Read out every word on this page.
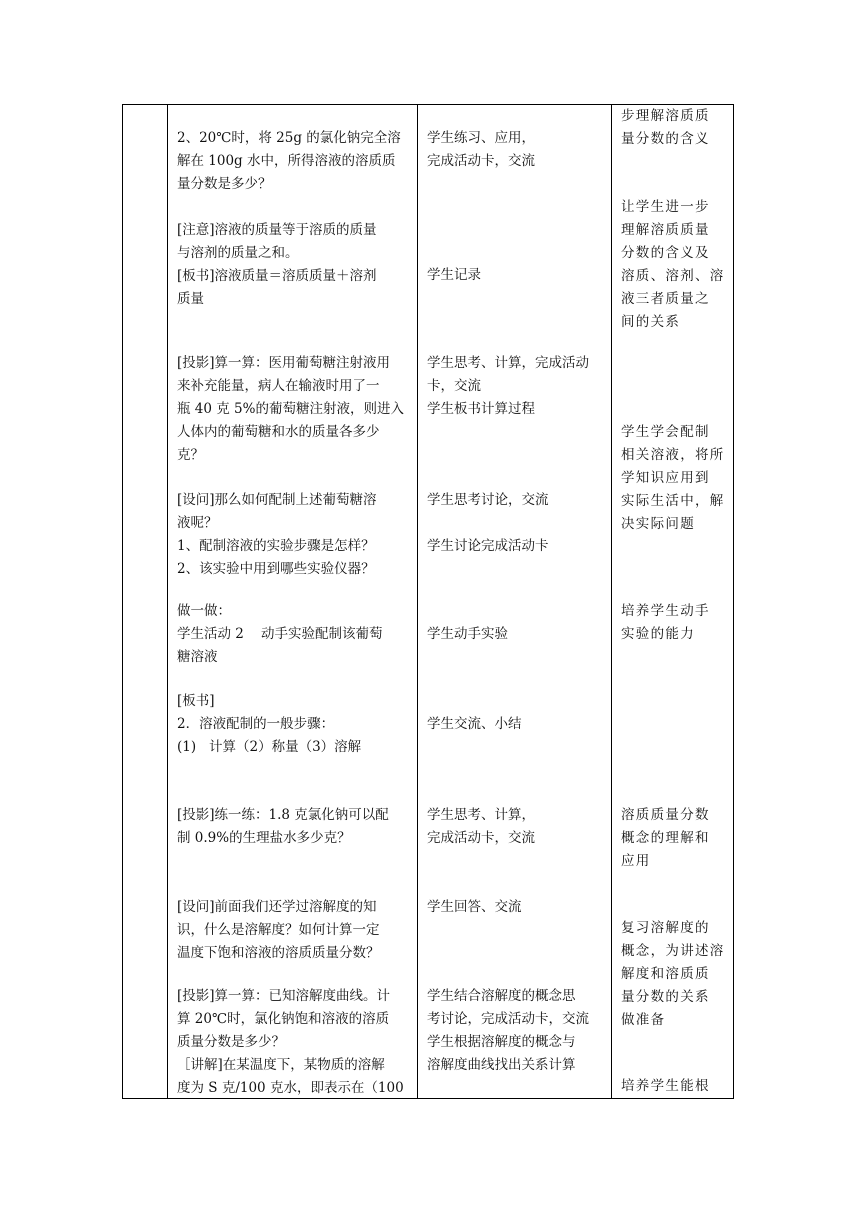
2、20℃时，将 25g 的氯化钠完全溶
解在 100g 水中，所得溶液的溶质质
量分数是多少？
[注意]溶液的质量等于溶质的质量
与溶剂的质量之和。
[板书]溶液质量＝溶质质量＋溶剂
质量
[投影]算一算：医用葡萄糖注射液用
来补充能量，病人在输液时用了一
瓶 40 克 5%的葡萄糖注射液，则进入
人体内的葡萄糖和水的质量各多少
克？
[设问]那么如何配制上述葡萄糖溶
液呢？
1、配制溶液的实验步骤是怎样？
2、该实验中用到哪些实验仪器？
做一做：
学生活动 2    动手实验配制该葡萄
糖溶液
[板书]
2．溶液配制的一般步骤：
(1)   计算（2）称量（3）溶解
[投影]练一练：1.8 克氯化钠可以配
制 0.9%的生理盐水多少克？
[设问]前面我们还学过溶解度的知
识，什么是溶解度？如何计算一定
温度下饱和溶液的溶质质量分数？
[投影]算一算：已知溶解度曲线。计
算 20℃时，氯化钠饱和溶液的溶质
质量分数是多少？
［讲解]在某温度下，某物质的溶解
度为 S 克/100 克水，即表示在（100
学生练习、应用，
完成活动卡，交流
学生记录
学生思考、计算，完成活动
卡，交流
学生板书计算过程
学生思考讨论，交流
学生讨论完成活动卡
学生动手实验
学生交流、小结
学生思考、计算，
完成活动卡，交流
学生回答、交流
学生结合溶解度的概念思
考讨论，完成活动卡，交流
学生根据溶解度的概念与
溶解度曲线找出关系计算
步理解溶质质
量分数的含义
让学生进一步
理解溶质质量
分数的含义及
溶质、溶剂、溶
液三者质量之
间的关系
学生学会配制
相关溶液，将所
学知识应用到
实际生活中，解
决实际问题
培养学生动手
实验的能力
溶质质量分数
概念的理解和
应用
复习溶解度的
概念，为讲述溶
解度和溶质质
量分数的关系
做准备
培养学生能根
